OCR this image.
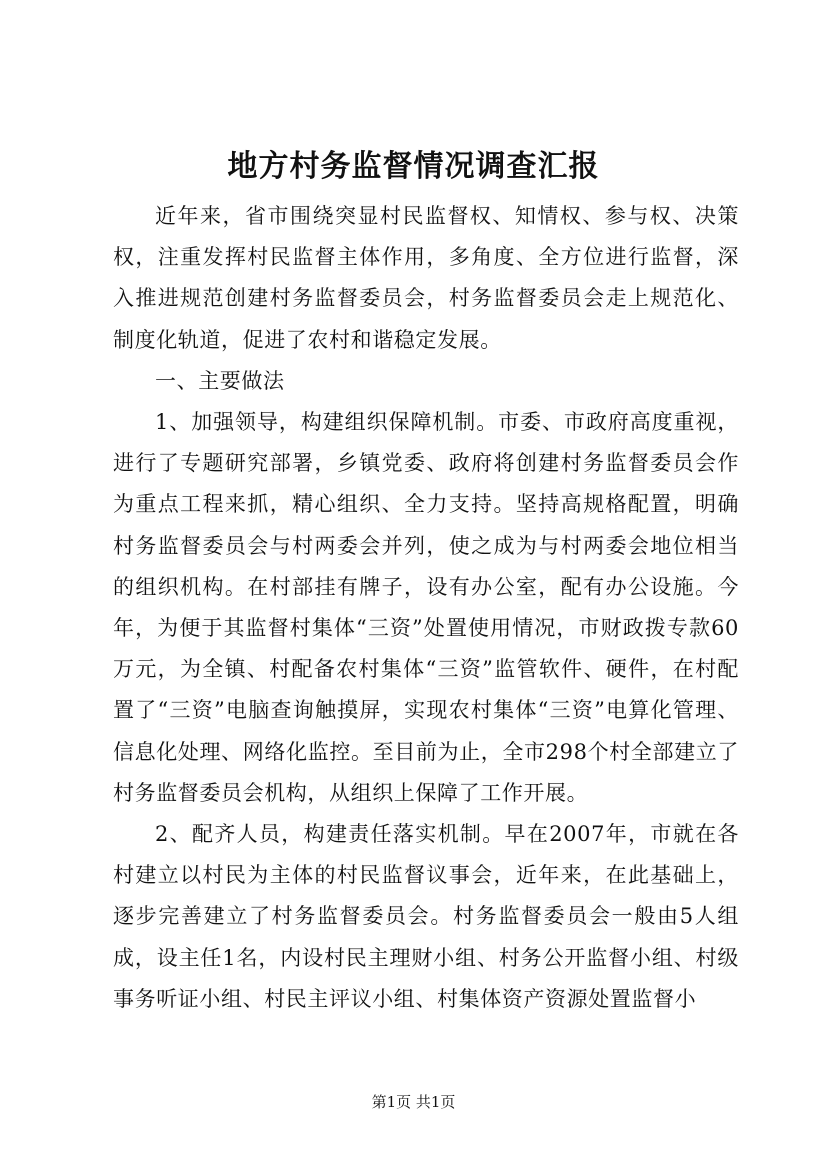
地方村务监督情况调查汇报

近年来，省市围绕突显村民监督权、知情权、参与权、决策权，注重发挥村民监督主体作用，多角度、全方位进行监督，深入推进规范创建村务监督委员会，村务监督委员会走上规范化、制度化轨道，促进了农村和谐稳定发展。

一、主要做法

1、加强领导，构建组织保障机制。市委、市政府高度重视，进行了专题研究部署，乡镇党委、政府将创建村务监督委员会作为重点工程来抓，精心组织、全力支持。坚持高规格配置，明确村务监督委员会与村两委会并列，使之成为与村两委会地位相当的组织机构。在村部挂有牌子，设有办公室，配有办公设施。今年，为便于其监督村集体“三资”处置使用情况，市财政拨专款60万元，为全镇、村配备农村集体“三资”监管软件、硬件，在村配置了“三资”电脑查询触摸屏，实现农村集体“三资”电算化管理、信息化处理、网络化监控。至目前为止，全市298个村全部建立了村务监督委员会机构，从组织上保障了工作开展。

2、配齐人员，构建责任落实机制。早在2007年，市就在各村建立以村民为主体的村民监督议事会，近年来，在此基础上，逐步完善建立了村务监督委员会。村务监督委员会一般由5人组成，设主任1名，内设村民主理财小组、村务公开监督小组、村级事务听证小组、村民主评议小组、村集体资产资源处置监督小

第1页 共1页
